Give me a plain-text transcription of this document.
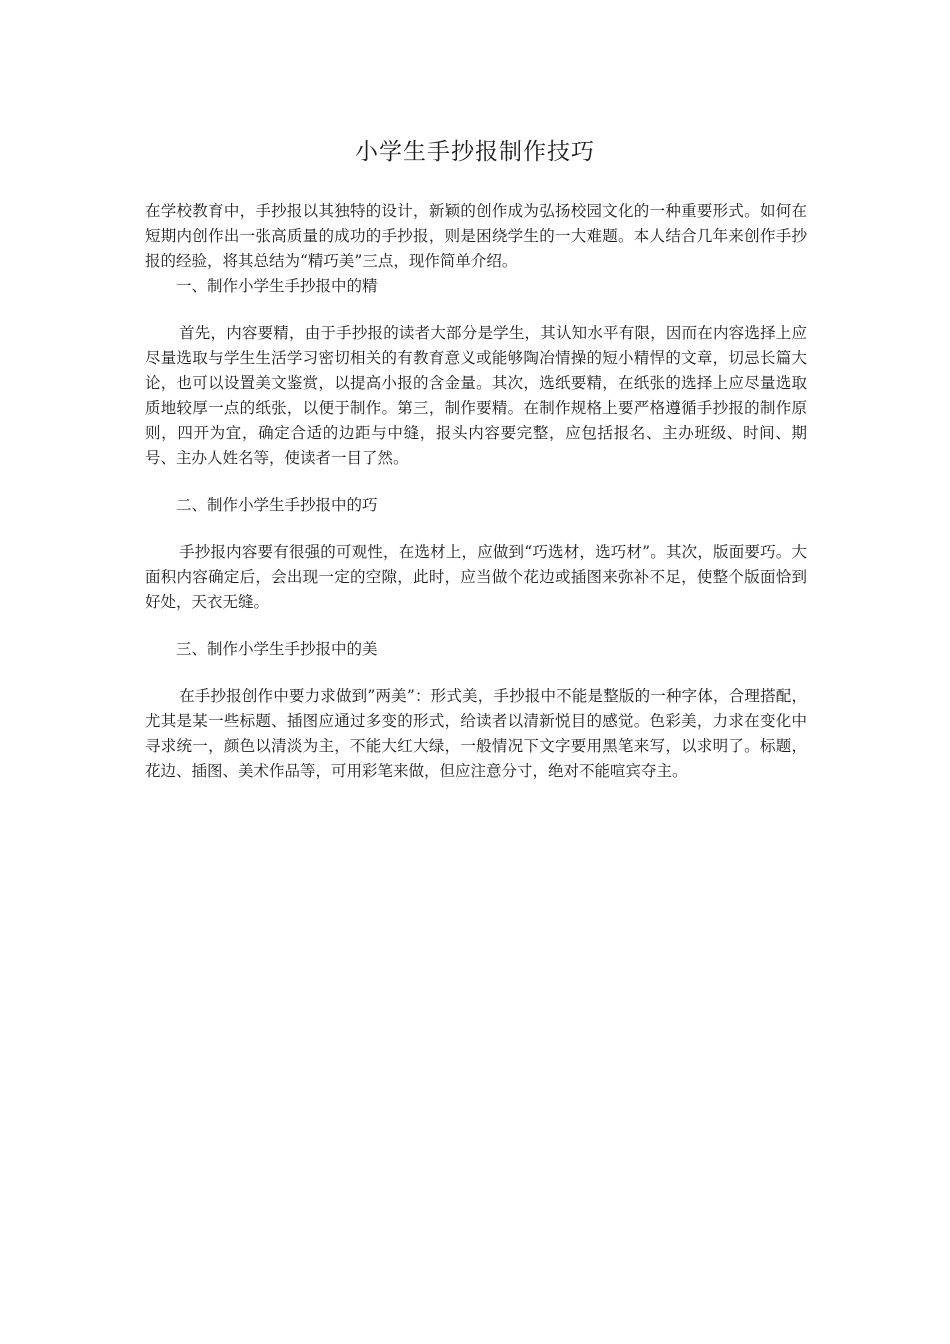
小学生手抄报制作技巧

在学校教育中，手抄报以其独特的设计，新颖的创作成为弘扬校园文化的一种重要形式。如何在短期内创作出一张高质量的成功的手抄报，则是困绕学生的一大难题。本人结合几年来创作手抄报的经验，将其总结为“精巧美”三点，现作简单介绍。

一、制作小学生手抄报中的精

首先，内容要精，由于手抄报的读者大部分是学生，其认知水平有限，因而在内容选择上应尽量选取与学生生活学习密切相关的有教育意义或能够陶冶情操的短小精悍的文章，切忌长篇大论，也可以设置美文鉴赏，以提高小报的含金量。其次，选纸要精，在纸张的选择上应尽量选取质地较厚一点的纸张，以便于制作。第三，制作要精。在制作规格上要严格遵循手抄报的制作原则，四开为宜，确定合适的边距与中缝，报头内容要完整，应包括报名、主办班级、时间、期号、主办人姓名等，使读者一目了然。

二、制作小学生手抄报中的巧

手抄报内容要有很强的可观性，在选材上，应做到“巧选材，选巧材”。其次，版面要巧。大面积内容确定后，会出现一定的空隙，此时，应当做个花边或插图来弥补不足，使整个版面恰到好处，天衣无缝。

三、制作小学生手抄报中的美

在手抄报创作中要力求做到”两美”：形式美，手抄报中不能是整版的一种字体，合理搭配，尤其是某一些标题、插图应通过多变的形式，给读者以清新悦目的感觉。色彩美，力求在变化中寻求统一，颜色以清淡为主，不能大红大绿，一般情况下文字要用黑笔来写，以求明了。标题，花边、插图、美术作品等，可用彩笔来做，但应注意分寸，绝对不能喧宾夺主。
